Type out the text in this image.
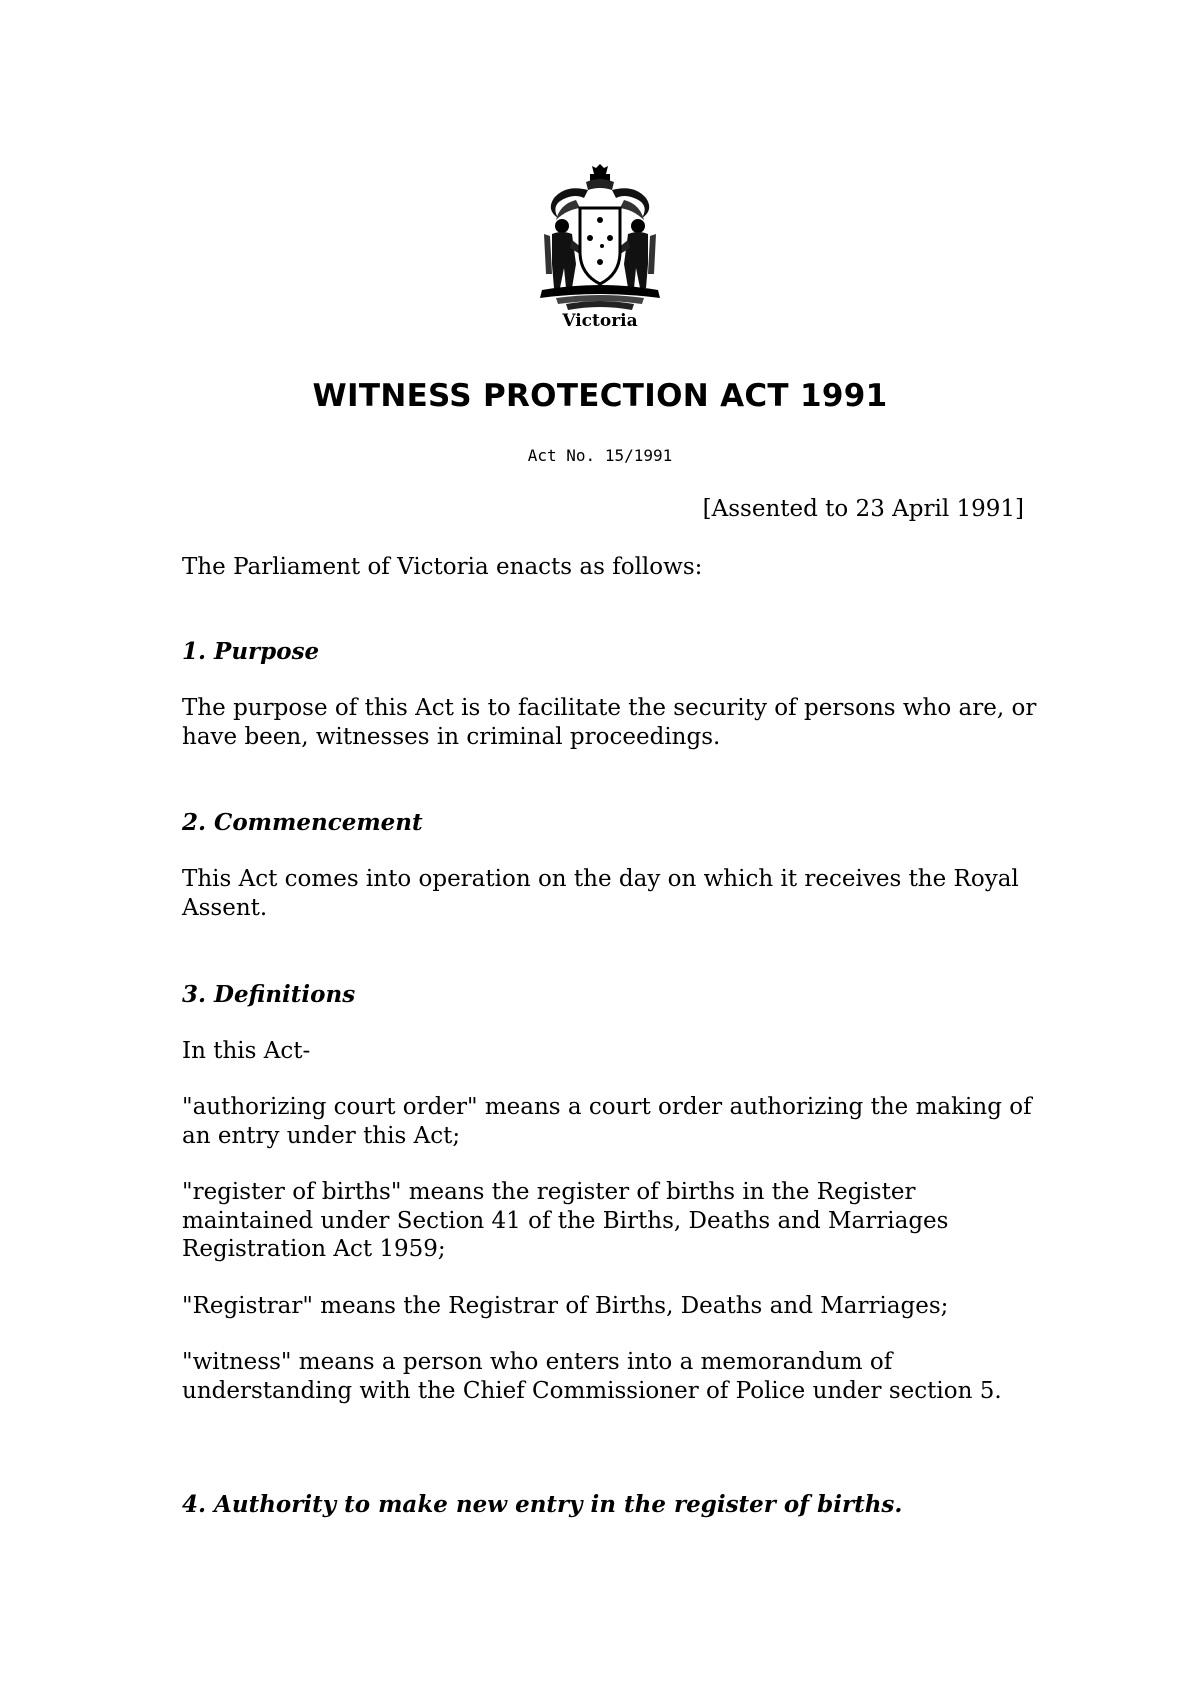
Victoria
WITNESS PROTECTION ACT 1991
Act No. 15/1991
[Assented to 23 April 1991]
The Parliament of Victoria enacts as follows:
1. Purpose
The purpose of this Act is to facilitate the security of persons who are, or have been, witnesses in criminal proceedings.
2. Commencement
This Act comes into operation on the day on which it receives the Royal Assent.
3. Definitions
In this Act-
"authorizing court order" means a court order authorizing the making of an entry under this Act;
"register of births" means the register of births in the Register maintained under Section 41 of the Births, Deaths and Marriages Registration Act 1959;
"Registrar" means the Registrar of Births, Deaths and Marriages;
"witness" means a person who enters into a memorandum of understanding with the Chief Commissioner of Police under section 5.
4. Authority to make new entry in the register of births.
